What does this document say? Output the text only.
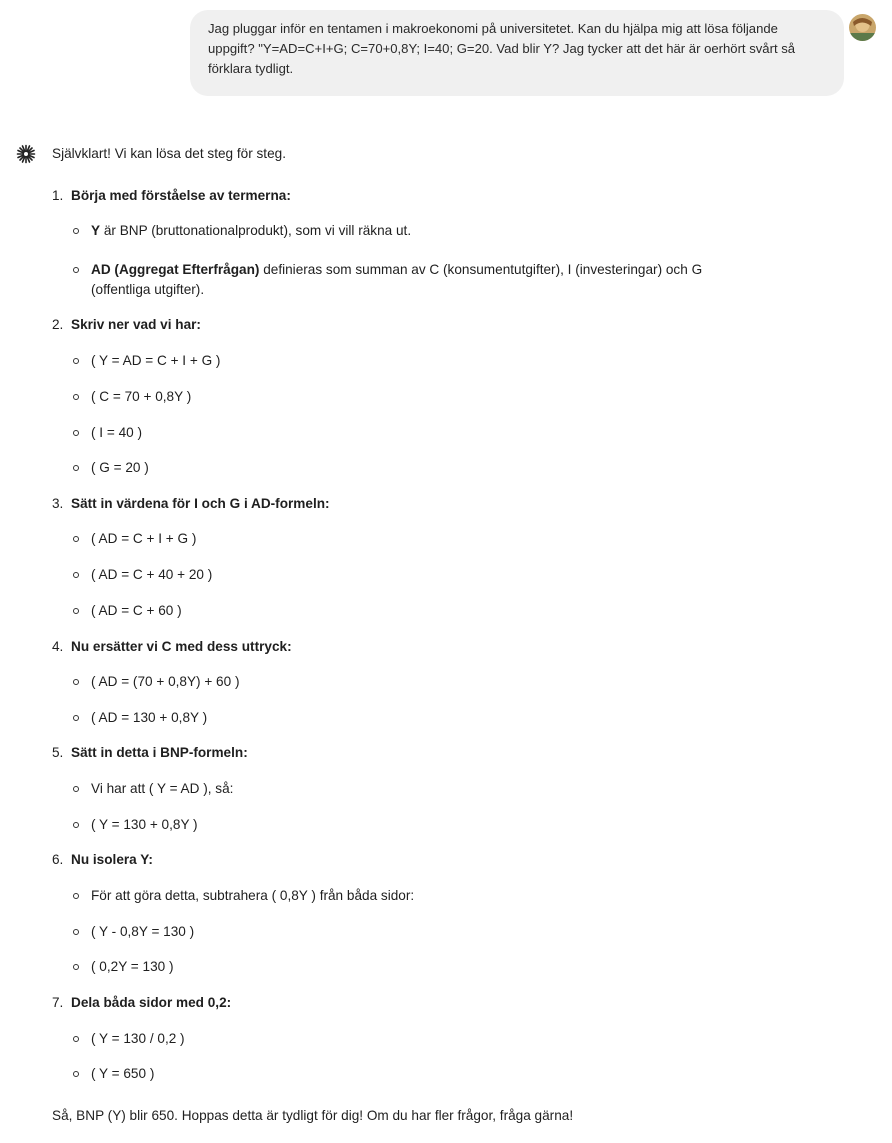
Jag pluggar inför en tentamen i makroekonomi på universitetet. Kan du hjälpa mig att lösa följande uppgift? "Y=AD=C+I+G; C=70+0,8Y; I=40; G=20. Vad blir Y? Jag tycker att det här är oerhört svårt så förklara tydligt.
Självklart! Vi kan lösa det steg för steg.
1. Börja med förståelse av termerna:
Y är BNP (bruttonationalprodukt), som vi vill räkna ut.
AD (Aggregat Efterfrågan) definieras som summan av C (konsumentutgifter), I (investeringar) och G (offentliga utgifter).
2. Skriv ner vad vi har:
( Y = AD = C + I + G )
( C = 70 + 0,8Y )
( I = 40 )
( G = 20 )
3. Sätt in värdena för I och G i AD-formeln:
( AD = C + I + G )
( AD = C + 40 + 20 )
( AD = C + 60 )
4. Nu ersätter vi C med dess uttryck:
( AD = (70 + 0,8Y) + 60 )
( AD = 130 + 0,8Y )
5. Sätt in detta i BNP-formeln:
Vi har att ( Y = AD ), så:
( Y = 130 + 0,8Y )
6. Nu isolera Y:
För att göra detta, subtrahera ( 0,8Y ) från båda sidor:
( Y - 0,8Y = 130 )
( 0,2Y = 130 )
7. Dela båda sidor med 0,2:
( Y = 130 / 0,2 )
( Y = 650 )
Så, BNP (Y) blir 650. Hoppas detta är tydligt för dig! Om du har fler frågor, fråga gärna!
